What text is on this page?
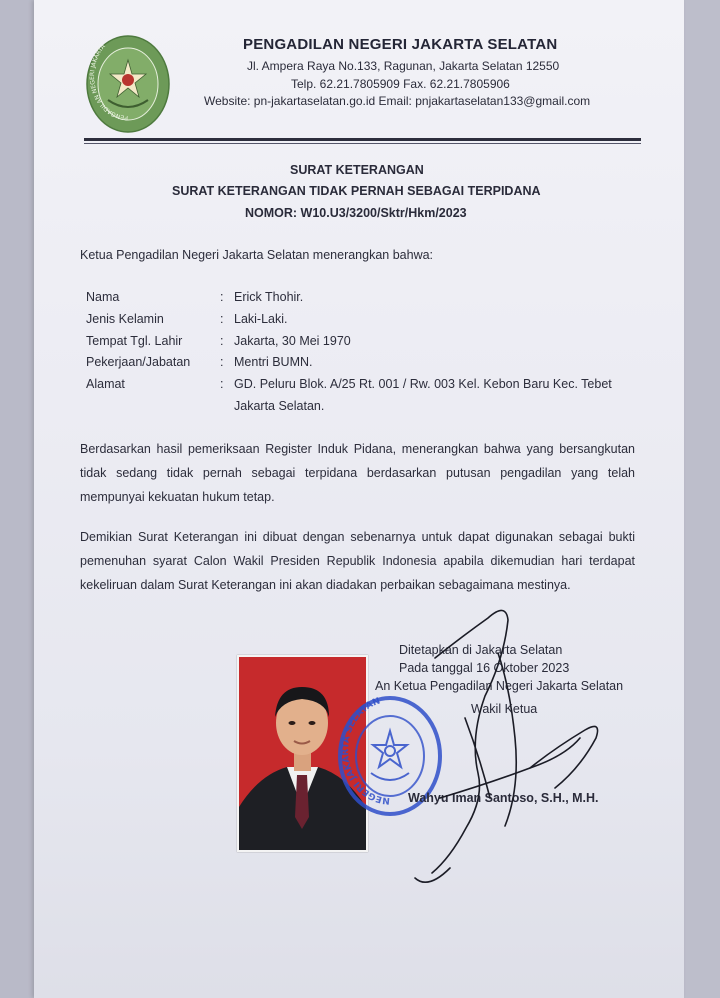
PENGADILAN NEGERI JAKARTA	PENGADILAN NEGERI JAKARTA SELATAN
Jl. Ampera Raya No.133, Ragunan, Jakarta Selatan 12550
Telp. 62.21.7805909 Fax. 62.21.7805906
Website: pn-jakartaselatan.go.id Email: pnjakartaselatan133@gmail.com
SURAT KETERANGAN
SURAT KETERANGAN TIDAK PERNAH SEBAGAI TERPIDANA
NOMOR: W10.U3/3200/Sktr/Hkm/2023
Ketua Pengadilan Negeri Jakarta Selatan menerangkan bahwa:
Nama	: Erick Thohir.
Jenis Kelamin	: Laki-Laki.
Tempat Tgl. Lahir	: Jakarta, 30 Mei 1970
Pekerjaan/Jabatan : Mentri BUMN.
Alamat	: GD. Peluru Blok. A/25 Rt. 001 / Rw. 003 Kel. Kebon Baru Kec. Tebet
Jakarta Selatan.
Berdasarkan hasil pemeriksaan Register Induk Pidana, menerangkan bahwa yang bersangkutan
tidak sedang tidak pernah sebagai terpidana berdasarkan putusan pengadilan yang telah
mempunyai kekuatan hukum tetap.
Demikian Surat Keterangan ini dibuat dengan sebenarnya untuk dapat digunakan sebagai bukti
pemenuhan syarat Calon Wakil Presiden Republik Indonesia apabila dikemudian hari terdapat
kekeliruan dalam Surat Keterangan ini akan diadakan perbaikan sebagaimana mestinya.
NEGERI JAKARTA SELATAN
Ditetapkan di Jakarta Selatan
Pada tanggal 16 Oktober 2023
An Ketua Pengadilan Negeri Jakarta Selatan
Wakil Ketua
Wahyu Iman Santoso, S.H., M.H.
